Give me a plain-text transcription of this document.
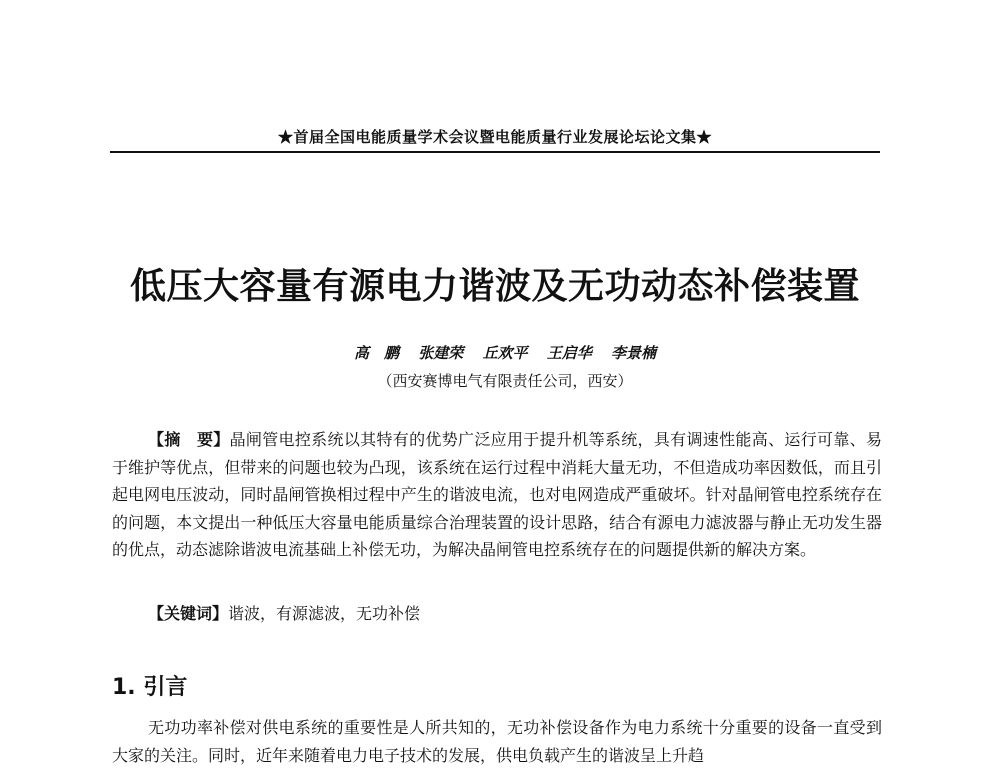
★首届全国电能质量学术会议暨电能质量行业发展论坛论文集★
低压大容量有源电力谐波及无功动态补偿装置
高　鹏 张建荣 丘欢平 王启华 李景楠
（西安赛博电气有限责任公司，西安）
【摘　要】晶闸管电控系统以其特有的优势广泛应用于提升机等系统，具有调速性能高、运行可靠、易于维护等优点，但带来的问题也较为凸现，该系统在运行过程中消耗大量无功，不但造成功率因数低，而且引起电网电压波动，同时晶闸管换相过程中产生的谐波电流，也对电网造成严重破坏。针对晶闸管电控系统存在的问题，本文提出一种低压大容量电能质量综合治理装置的设计思路，结合有源电力滤波器与静止无功发生器的优点，动态滤除谐波电流基础上补偿无功，为解决晶闸管电控系统存在的问题提供新的解决方案。
【关键词】谐波，有源滤波，无功补偿
1. 引言
无功功率补偿对供电系统的重要性是人所共知的，无功补偿设备作为电力系统十分重要的设备一直受到大家的关注。同时，近年来随着电力电子技术的发展，供电负载产生的谐波呈上升趋
